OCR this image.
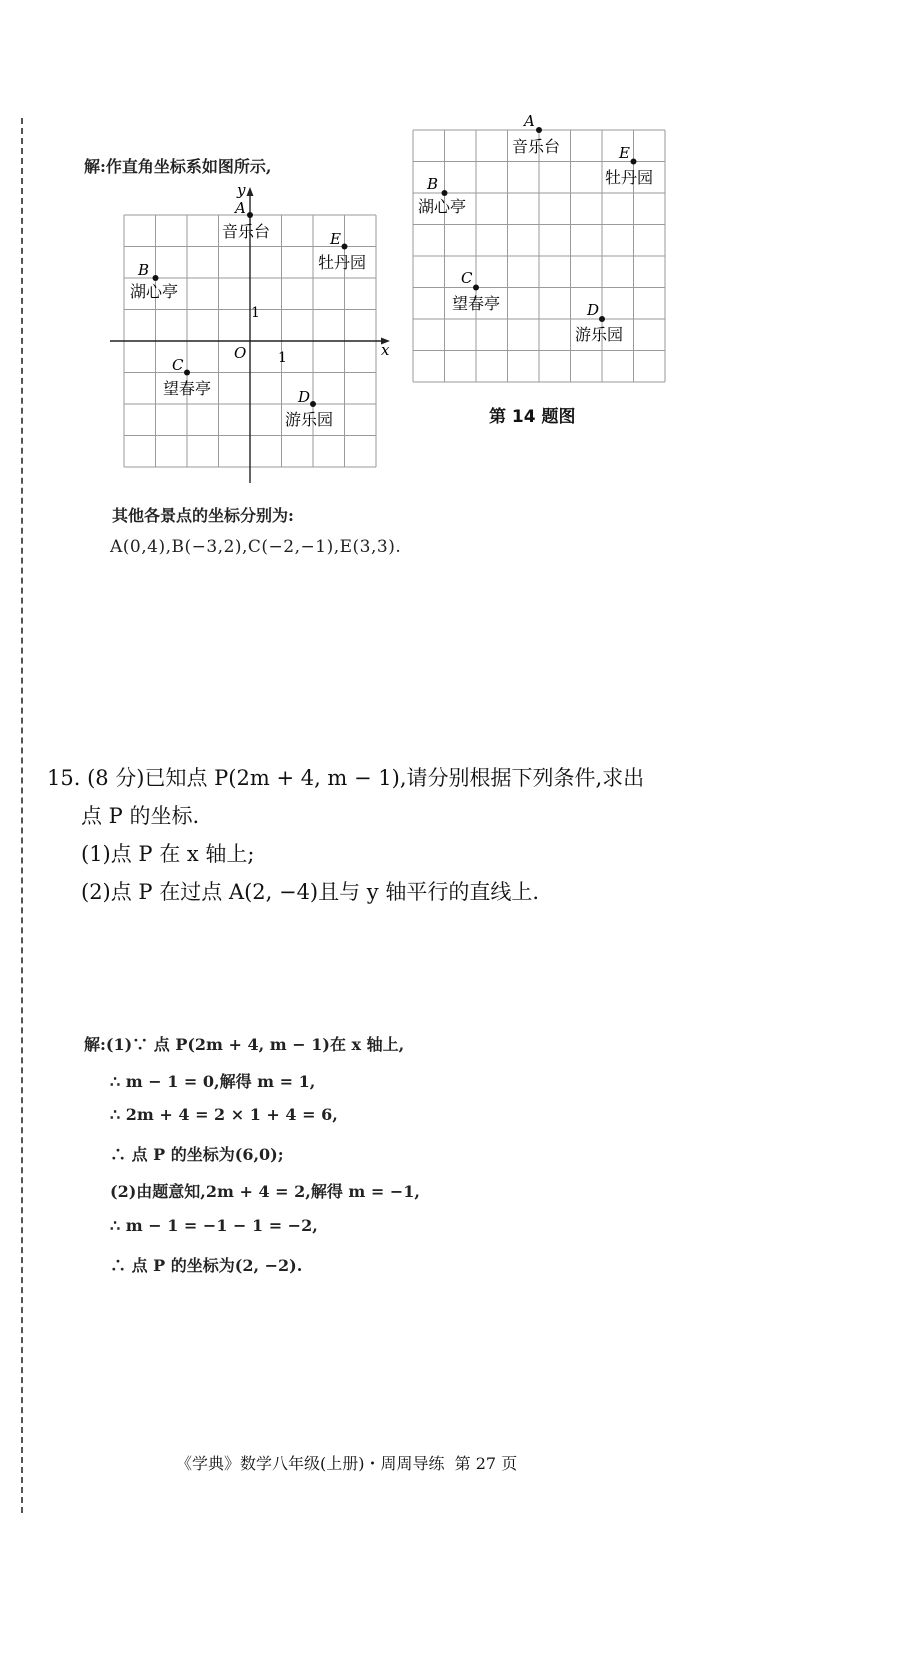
解:作直角坐标系如图所示,
x
y
O 1
1
A
音乐台
B
湖心亭
C
望春亭	D
游乐园
E
牡丹园
A
音乐台
B
湖心亭
C
望春亭	D
游乐园
E
牡丹园
第 14 题图
其他各景点的坐标分别为:
A(0,4),B(−3,2),C(−2,−1),E(3,3).
15. (8 分)已知点 P(2m + 4, m − 1),请分别根据下列条件,求出
点 P 的坐标.
(1)点 P 在 x 轴上;
(2)点 P 在过点 A(2, −4)且与 y 轴平行的直线上.
解:(1)∵ 点 P(2m + 4, m − 1)在 x 轴上,
∴ m − 1 = 0,解得 m = 1,
∴ 2m + 4 = 2 × 1 + 4 = 6,
∴ 点 P 的坐标为(6,0);
(2)由题意知,2m + 4 = 2,解得 m = −1,
∴ m − 1 = −1 − 1 = −2,
∴ 点 P 的坐标为(2, −2).
《学典》数学八年级(上册)・周周导练  第 27 页
